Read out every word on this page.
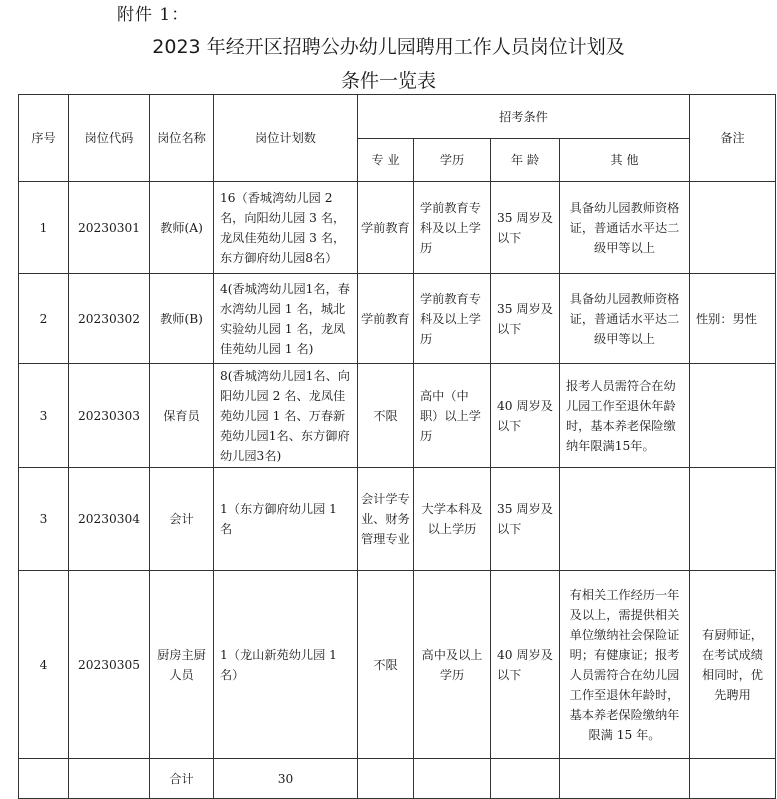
附件 1：
2023 年经开区招聘公办幼儿园聘用工作人员岗位计划及
条件一览表
序号	岗位代码	岗位名称	岗位计划数	招考条件				备注
				专 业	学历	年 龄	其 他	
1	20230301	教师(A)	16（香城湾幼儿园 2 名，向阳幼儿园 3 名，龙凤佳苑幼儿园 3 名，东方御府幼儿园8名）	学前教育	学前教育专科及以上学历	35 周岁及以下	具备幼儿园教师资格证，普通话水平达二级甲等以上	
2	20230302	教师(B)	4(香城湾幼儿园1名，春水湾幼儿园 1 名，城北实验幼儿园 1 名，龙凤佳苑幼儿园 1 名)	学前教育	学前教育专科及以上学历	35 周岁及以下	具备幼儿园教师资格证，普通话水平达二级甲等以上	性别：男性
3	20230303	保育员	8(香城湾幼儿园1名、向阳幼儿园 2 名、龙凤佳苑幼儿园 1 名、万春新苑幼儿园1名、东方御府幼儿园3名)	不限	高中（中职）以上学历	40 周岁及以下	报考人员需符合在幼儿园工作至退休年龄时，基本养老保险缴纳年限满15年。	
3	20230304	会计	1（东方御府幼儿园 1 名	会计学专业、财务管理专业	大学本科及以上学历	35 周岁及以下		
4	20230305	厨房主厨人员	1（龙山新苑幼儿园 1 名）	不限	高中及以上学历	40 周岁及以下	有相关工作经历一年及以上，需提供相关单位缴纳社会保险证明；有健康证；报考人员需符合在幼儿园工作至退休年龄时，基本养老保险缴纳年限满 15 年。	有厨师证，在考试成绩相同时，优先聘用
		合计	30					
